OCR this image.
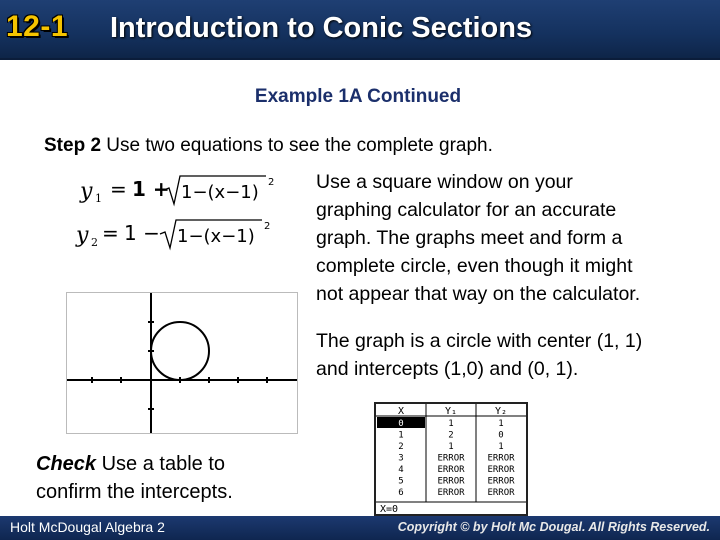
12-1 Introduction to Conic Sections
Example 1A Continued
Step 2 Use two equations to see the complete graph.
y 1 = 1 + 1−(x−1) 2
y 2 = 1 − 1−(x−1) 2
Use a square window on your
graphing calculator for an accurate
graph. The graphs meet and form a
complete circle, even though it might
not appear that way on the calculator.
The graph is a circle with center (1, 1)
and intercepts (1,0) and (0, 1).
X	Y₁	Y₂
0	1	1
1	2	0
2	1	1
3	ERROR	ERROR
4	ERROR	ERROR
5	ERROR	ERROR
6	ERROR	ERROR
X=0
Check Use a table to
confirm the intercepts.
Holt McDougal Algebra 2	Copyright © by Holt Mc Dougal. All Rights Reserved.
